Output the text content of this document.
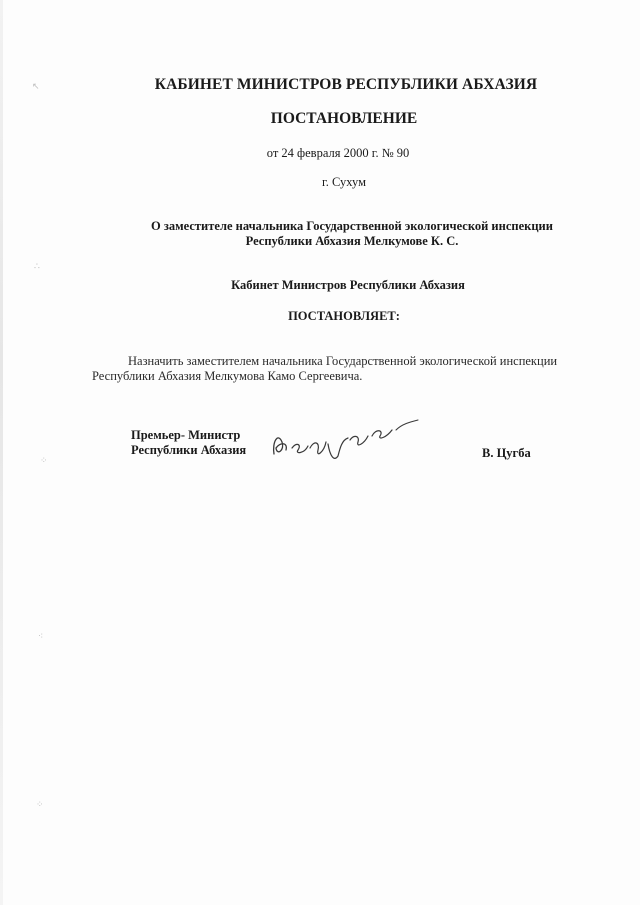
↖
∴
⁘
⁖
⁘
КАБИНЕТ МИНИСТРОВ РЕСПУБЛИКИ АБХАЗИЯ
ПОСТАНОВЛЕНИЕ
от 24 февраля 2000 г. № 90
г. Сухум
О заместителе начальника Государственной экологической инспекции
Республики Абхазия Мелкумове К. С.
Кабинет Министров Республики Абхазия
ПОСТАНОВЛЯЕТ:
Назначить заместителем начальника Государственной экологической инспекции
Республики Абхазия Мелкумова Камо Сергеевича.
Премьер- Министр
Республики Абхазия	В. Цугба
